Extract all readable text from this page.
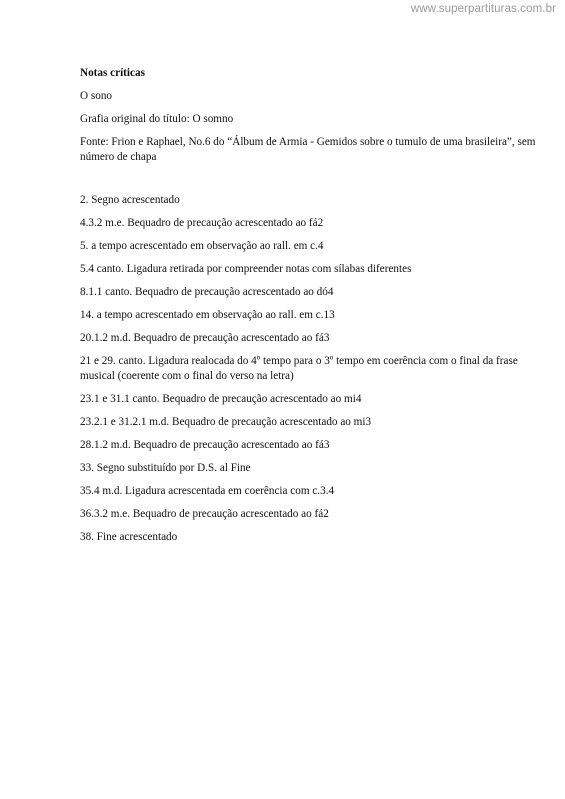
www.superpartituras.com.br
Notas críticas
O sono
Grafia original do título: O somno
Fonte: Frion e Raphael, No.6 do “Álbum de Armia - Gemidos sobre o tumulo de uma brasileira”, sem número de chapa
2. Segno acrescentado
4.3.2 m.e. Bequadro de precaução acrescentado ao fá2
5. a tempo acrescentado em observação ao rall. em c.4
5.4 canto. Ligadura retirada por compreender notas com sílabas diferentes
8.1.1 canto. Bequadro de precaução acrescentado ao dó4
14. a tempo acrescentado em observação ao rall. em c.13
20.1.2 m.d. Bequadro de precaução acrescentado ao fá3
21 e 29. canto. Ligadura realocada do 4º tempo para o 3º tempo em coerência com o final da frase musical (coerente com o final do verso na letra)
23.1 e 31.1 canto. Bequadro de precaução acrescentado ao mi4
23.2.1 e 31.2.1 m.d. Bequadro de precaução acrescentado ao mi3
28.1.2 m.d. Bequadro de precaução acrescentado ao fá3
33. Segno substituído por D.S. al Fine
35.4 m.d. Ligadura acrescentada em coerência com c.3.4
36.3.2 m.e. Bequadro de precaução acrescentado ao fá2
38. Fine acrescentado
